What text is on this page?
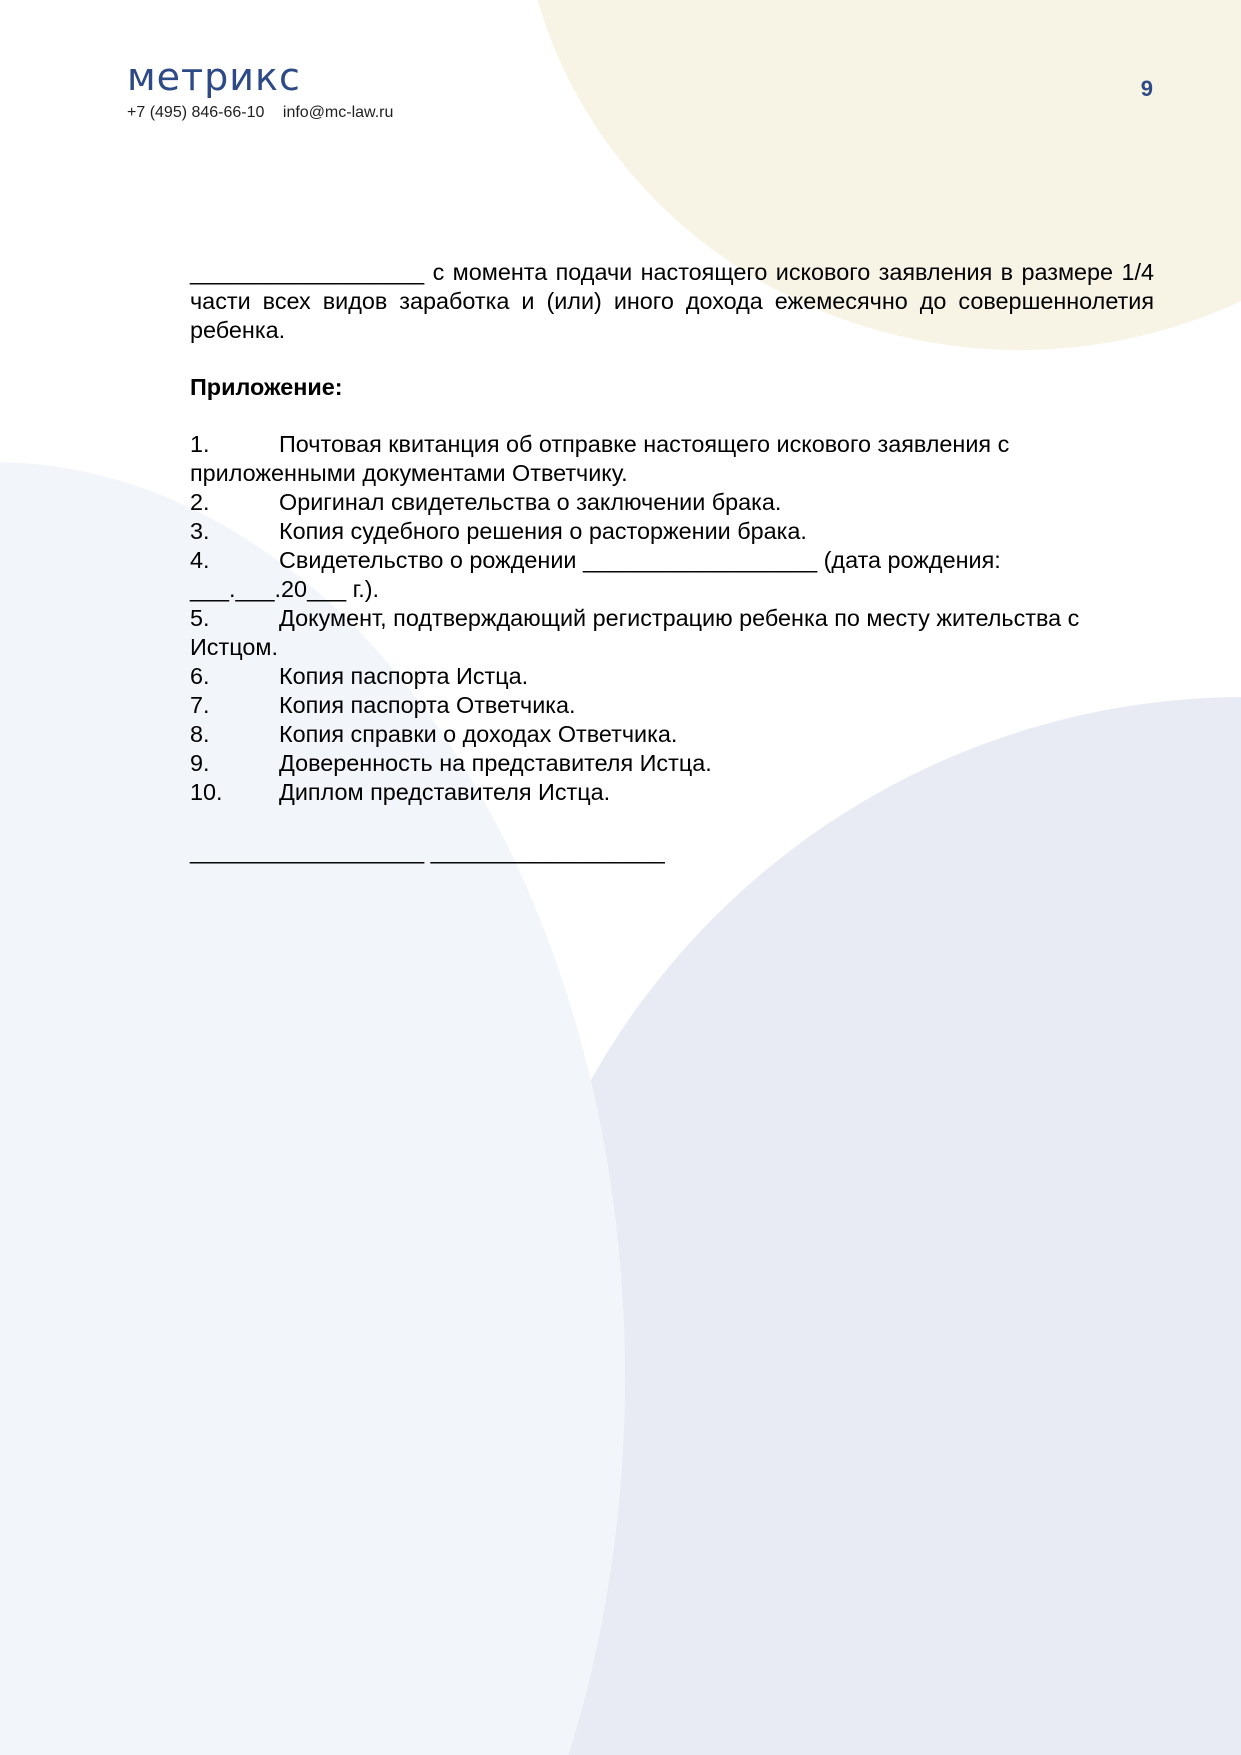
метрикс
+7 (495) 846-66-10 info@mc-law.ru
9

__________________ с момента подачи настоящего искового заявления в размере 1/4 части всех видов заработка и (или) иного дохода ежемесячно до совершеннолетия ребенка.

Приложение:

1.	Почтовая квитанция об отправке настоящего искового заявления с приложенными документами Ответчику.
2.	Оригинал свидетельства о заключении брака.
3.	Копия судебного решения о расторжении брака.
4.	Свидетельство о рождении __________________ (дата рождения: ___.___.20___ г.).
5.	Документ, подтверждающий регистрацию ребенка по месту жительства с Истцом.
6.	Копия паспорта Истца.
7.	Копия паспорта Ответчика.
8.	Копия справки о доходах Ответчика.
9.	Доверенность на представителя Истца.
10. Диплом представителя Истца.

__________________ __________________
